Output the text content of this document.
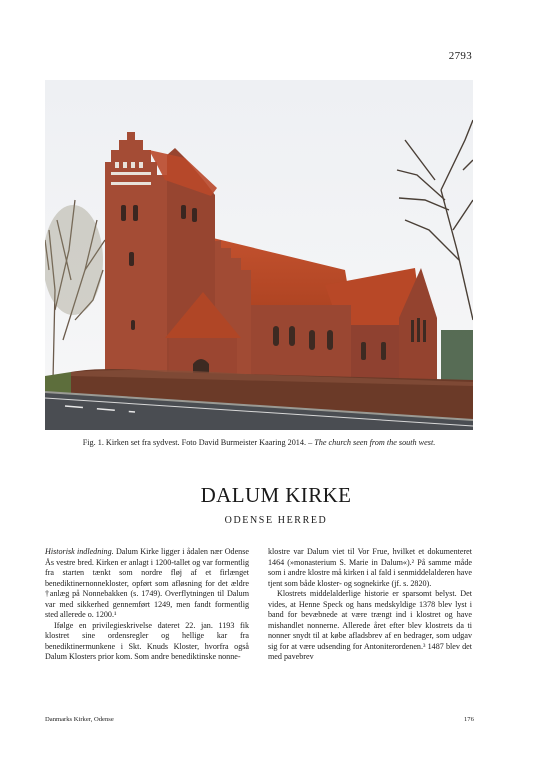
2793
Fig. 1. Kirken set fra sydvest. Foto David Burmeister Kaaring 2014. – The church seen from the south west.
DALUM KIRKE
ODENSE HERRED

Historisk indledning. Dalum Kirke ligger i ådalen nær Odense Ås vestre bred. Kirken er anlagt i 1200-tallet og var formentlig fra starten tænkt som nordre fløj af et firlænget benediktinernonnekloster, opført som afløsning for det ældre †anlæg på Nonnebakken (s. 1749). Overflytningen til Dalum var med sikkerhed gennemført 1249, men fandt formentlig sted allerede o. 1200.¹

Ifølge en privilegieskrivelse dateret 22. jan. 1193 fik klostret sine ordensregler og hellige kar fra benediktinermunkene i Skt. Knuds Kloster, hvorfra også Dalum Klosters prior kom. Som andre benediktinske nonne-

klostre var Dalum viet til Vor Frue, hvilket et dokumenteret 1464 (»monasterium S. Marie in Dalum«).² På samme måde som i andre klostre må kirken i al fald i senmiddelalderen have tjent som både kloster- og sognekirke (jf. s. 2820).

Klostrets middelalderlige historie er sparsomt belyst. Det vides, at Henne Speck og hans medskyldige 1378 blev lyst i band for bevæbnede at være trængt ind i klostret og have mishandlet nonnerne. Allerede året efter blev klostrets da ti nonner snydt til at købe afladsbrev af en bedrager, som udgav sig for at være udsending for Antoniterordenen.³ 1487 blev det med pavebrev

Danmarks Kirker, Odense	176
